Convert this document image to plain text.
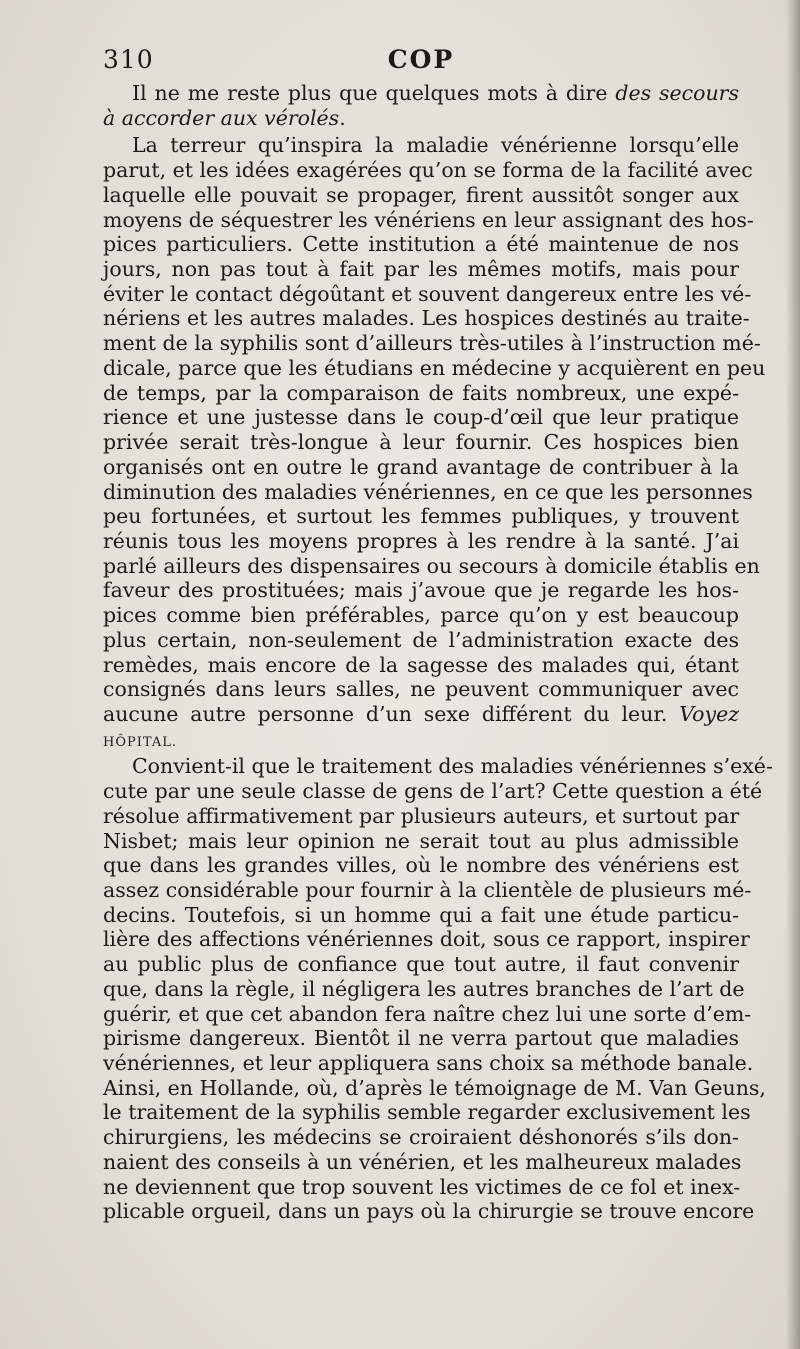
310	COP
Il ne me reste plus que quelques mots à dire des secours
à accorder aux vérolés.
La terreur qu’inspira la maladie vénérienne lorsqu’elle
parut, et les idées exagérées qu’on se forma de la facilité avec
laquelle elle pouvait se propager, firent aussitôt songer aux
moyens de séquestrer les vénériens en leur assignant des hos-
pices particuliers. Cette institution a été maintenue de nos
jours, non pas tout à fait par les mêmes motifs, mais pour
éviter le contact dégoûtant et souvent dangereux entre les vé-
nériens et les autres malades. Les hospices destinés au traite-
ment de la syphilis sont d’ailleurs très-utiles à l’instruction mé-
dicale, parce que les étudians en médecine y acquièrent en peu
de temps, par la comparaison de faits nombreux, une expé-
rience et une justesse dans le coup-d’œil que leur pratique
privée serait très-longue à leur fournir. Ces hospices bien
organisés ont en outre le grand avantage de contribuer à la
diminution des maladies vénériennes, en ce que les personnes
peu fortunées, et surtout les femmes publiques, y trouvent
réunis tous les moyens propres à les rendre à la santé. J’ai
parlé ailleurs des dispensaires ou secours à domicile établis en
faveur des prostituées; mais j’avoue que je regarde les hos-
pices comme bien préférables, parce qu’on y est beaucoup
plus certain, non-seulement de l’administration exacte des
remèdes, mais encore de la sagesse des malades qui, étant
consignés dans leurs salles, ne peuvent communiquer avec
aucune autre personne d’un sexe différent du leur. Voyez
HÔPITAL.
Convient-il que le traitement des maladies vénériennes s’exé-
cute par une seule classe de gens de l’art? Cette question a été
résolue affirmativement par plusieurs auteurs, et surtout par
Nisbet; mais leur opinion ne serait tout au plus admissible
que dans les grandes villes, où le nombre des vénériens est
assez considérable pour fournir à la clientèle de plusieurs mé-
decins. Toutefois, si un homme qui a fait une étude particu-
lière des affections vénériennes doit, sous ce rapport, inspirer
au public plus de confiance que tout autre, il faut convenir
que, dans la règle, il négligera les autres branches de l’art de
guérir, et que cet abandon fera naître chez lui une sorte d’em-
pirisme dangereux. Bientôt il ne verra partout que maladies
vénériennes, et leur appliquera sans choix sa méthode banale.
Ainsi, en Hollande, où, d’après le témoignage de M. Van Geuns,
le traitement de la syphilis semble regarder exclusivement les
chirurgiens, les médecins se croiraient déshonorés s’ils don-
naient des conseils à un vénérien, et les malheureux malades
ne deviennent que trop souvent les victimes de ce fol et inex-
plicable orgueil, dans un pays où la chirurgie se trouve encore
